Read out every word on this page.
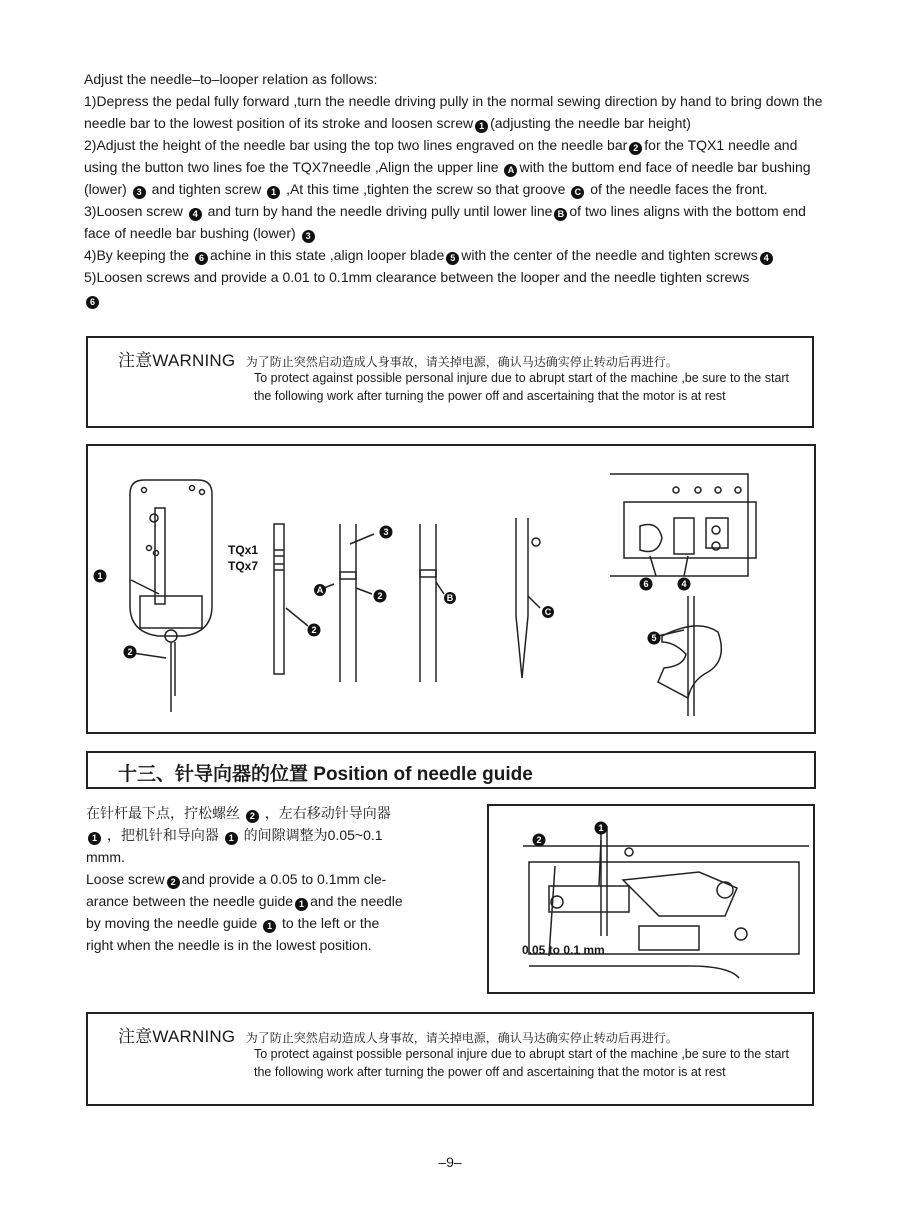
Adjust the needle–to–looper relation as follows:

1)Depress the pedal fully forward ,turn the needle driving pully in the normal sewing direction by hand to bring down the needle bar to the lowest position of its stroke and loosen screw 1 (adjusting the needle bar height)

2)Adjust the height of the needle bar using the top two lines engraved on the needle bar 2 for the TQX1 needle and using the button two lines foe the TQX7needle ,Align the upper line A with the buttom end face of needle bar bushing (lower) 3 and tighten screw 1 ,At this time ,tighten the screw so that groove C of the needle faces the front.

3)Loosen screw 4 and turn by hand the needle driving pully until lower line B of two lines aligns with the bottom end face of needle bar bushing (lower) 3

4)By keeping the 6 achine in this state ,align looper blade 5 with the center of the needle and tighten screws 4

5)Loosen screws and provide a 0.01 to 0.1mm clearance between the looper and the needle tighten screws
6

注意WARNING 为了防止突然启动造成人身事故，请关掉电源，确认马达确实停止转动后再进行。
To protect against possible personal injure due to abrupt start of the machine ,be sure to the start the following work after turning the power off and ascertaining that the motor is at rest
TQx1
TQx7
1
2
2
3
A
2	B
C
6	4
5
十三、针导向器的位置 Position of needle guide

在针杆最下点，拧松螺丝 2 ，左右移动针导向器

1 ，把机针和导向器 1 的间隙调整为0.05~0.1

mmm.

Loose screw 2 and provide a 0.05 to 0.1mm cle-

arance between the needle guide 1 and the needle

by moving the needle guide 1 to the left or the

right when the needle is in the lowest position.

2
1
0.05 to 0.1 mm
注意WARNING 为了防止突然启动造成人身事故，请关掉电源，确认马达确实停止转动后再进行。
To protect against possible personal injure due to abrupt start of the machine ,be sure to the start the following work after turning the power off and ascertaining that the motor is at rest
–9–
